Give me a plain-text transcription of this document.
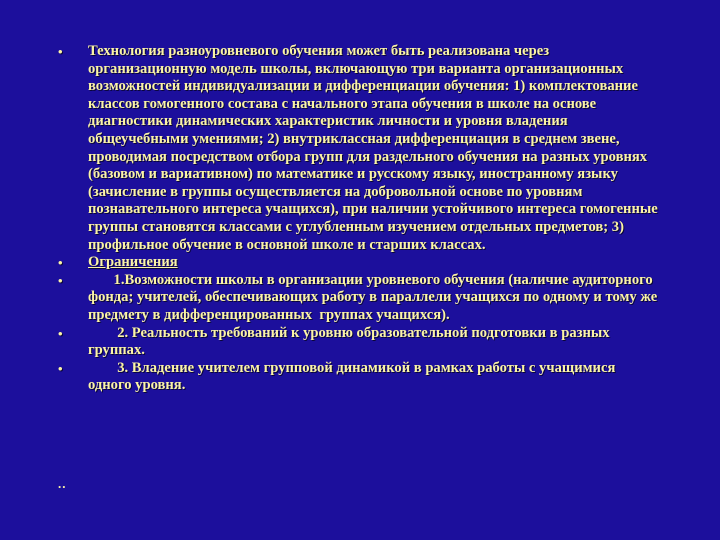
•	Технология разноуровневого обучения может быть реализована через организационную модель школы, включающую три варианта организационных возможностей индивидуализации и дифференциации обучения: 1) комплектование классов гомогенного состава с начального этапа обучения в школе на основе диагностики динамических характеристик личности и уровня владения общеучебными умениями; 2) внутриклассная дифференциация в среднем звене, проводимая посредством отбора групп для раздельного обучения на разных уровнях (базовом и вариативном) по математике и русскому языку, иностранному языку (зачисление в группы осуществляется на добровольной основе по уровням познавательного интереса учащихся), при наличии устойчивого интереса гомогенные группы становятся классами с углубленным изучением отдельных предметов; 3) профильное обучение в основной школе и старших классах.
•	Ограничения
•	1.Возможности школы в организации уровневого обучения (наличие аудиторного фонда; учителей, обеспечивающих работу в параллели учащихся по одному и тому же предмету в дифференцированных  группах учащихся).
•	2. Реальность требований к уровню образовательной подготовки в разных группах.
•	3. Владение учителем групповой динамикой в рамках работы с учащимися одного уровня.
..
